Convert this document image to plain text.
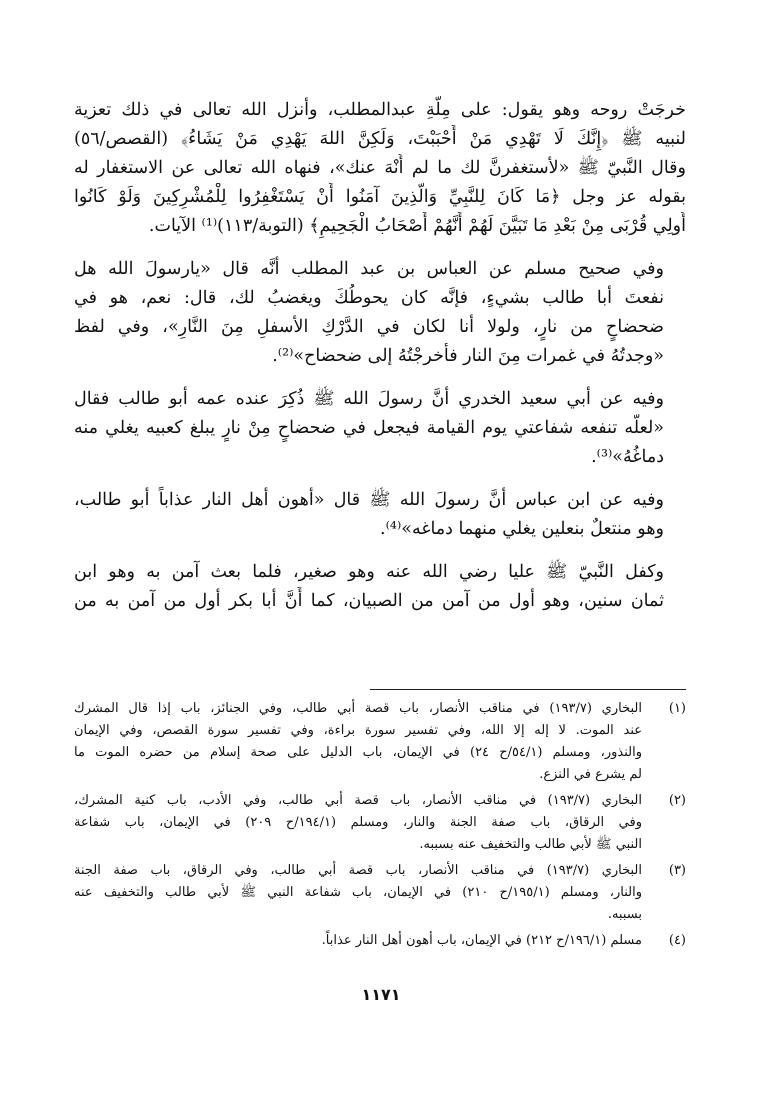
خرجَتْ روحه وهو يقول: على مِلَّةِ عبدالمطلب، وأنزل الله تعالى في ذلك تعزية
لنبيه ﷺ ﴿إِنَّكَ لَا تَهْدِي مَنْ أَحْبَبْتَ، وَلَكِنَّ اللهَ يَهْدِي مَنْ يَشَاءُ﴾ (القصص/٥٦)
وقال النَّبيّ ﷺ «لأستغفرنَّ لك ما لم أُنْهَ عنك»، فنهاه الله تعالى عن الاستغفار له
بقوله عز وجل ﴿مَا كَانَ لِلنَّبِيِّ وَالَّذِينَ آمَنُوا أَنْ يَسْتَغْفِرُوا لِلْمُشْرِكِينَ وَلَوْ كَانُوا
أُولِي قُرْبَى مِنْ بَعْدِ مَا تَبَيَّنَ لَهُمْ أَنَّهُمْ أَصْحَابُ الْجَحِيمِ﴾ (التوبة/١١٣)⁽¹⁾ الآيات.
وفي صحيح مسلم عن العباس بن عبد المطلب أنَّه قال «يارسولَ الله هل
نفعتَ أبا طالب بشيءٍ، فإنَّه كان يحوطُكَ ويغضبُ لك، قال: نعم، هو في
ضحضاحٍ من نارٍ، ولولا أنا لكان في الدَّرْكِ الأسفلِ مِنَ النَّارِ»، وفي لفظ
«وجدتُهُ في غمرات مِنَ النار فأخرجْتُهُ إلى ضحضاح»⁽²⁾.
وفيه عن أبي سعيد الخدري أنَّ رسولَ الله ﷺ ذُكِرَ عنده عمه أبو طالب فقال
«لعلَّه تنفعه شفاعتي يوم القيامة فيجعل في ضحضاحٍ مِنْ نارٍ يبلغ كعبيه يغلي منه
دماغُهُ»⁽³⁾.
وفيه عن ابن عباس أنَّ رسولَ الله ﷺ قال «أهون أهل النار عذاباً أبو طالب،
وهو منتعلٌ بنعلين يغلي منهما دماغه»⁽⁴⁾.
وكفل النَّبيّ ﷺ عليا رضي الله عنه وهو صغير، فلما بعث آمن به وهو ابن
ثمان سنين، وهو أول من آمن من الصبيان، كما أَنَّ أبا بكر أول من آمن به من
(١)
البخاري (١٩٣/٧) في مناقب الأنصار، باب قصة أبي طالب، وفي الجنائز، باب إذا قال المشرك
عند الموت. لا إله إلا الله، وفي تفسير سورة براءة، وفي تفسير سورة القصص، وفي الإيمان
والنذور، ومسلم (٥٤/١/ح ٢٤) في الإيمان، باب الدليل على صحة إسلام من حضره الموت ما
لم يشرع في النزع.
(٢)
البخاري (١٩٣/٧) في مناقب الأنصار، باب قصة أبي طالب، وفي الأدب، باب كنية المشرك،
وفي الرقاق، باب صفة الجنة والنار، ومسلم (١٩٤/١/ح ٢٠٩) في الإيمان، باب شفاعة
النبي ﷺ لأبي طالب والتخفيف عنه بسببه.
(٣)
البخاري (١٩٣/٧) في مناقب الأنصار، باب قصة أبي طالب، وفي الرقاق، باب صفة الجنة
والنار، ومسلم (١٩٥/١/ح ٢١٠) في الإيمان، باب شفاعة النبي ﷺ لأبي طالب والتخفيف عنه
بسببه.
(٤)
مسلم (١٩٦/١/ح ٢١٢) في الإيمان، باب أهون أهل النار عذاباً.
١١٧١
